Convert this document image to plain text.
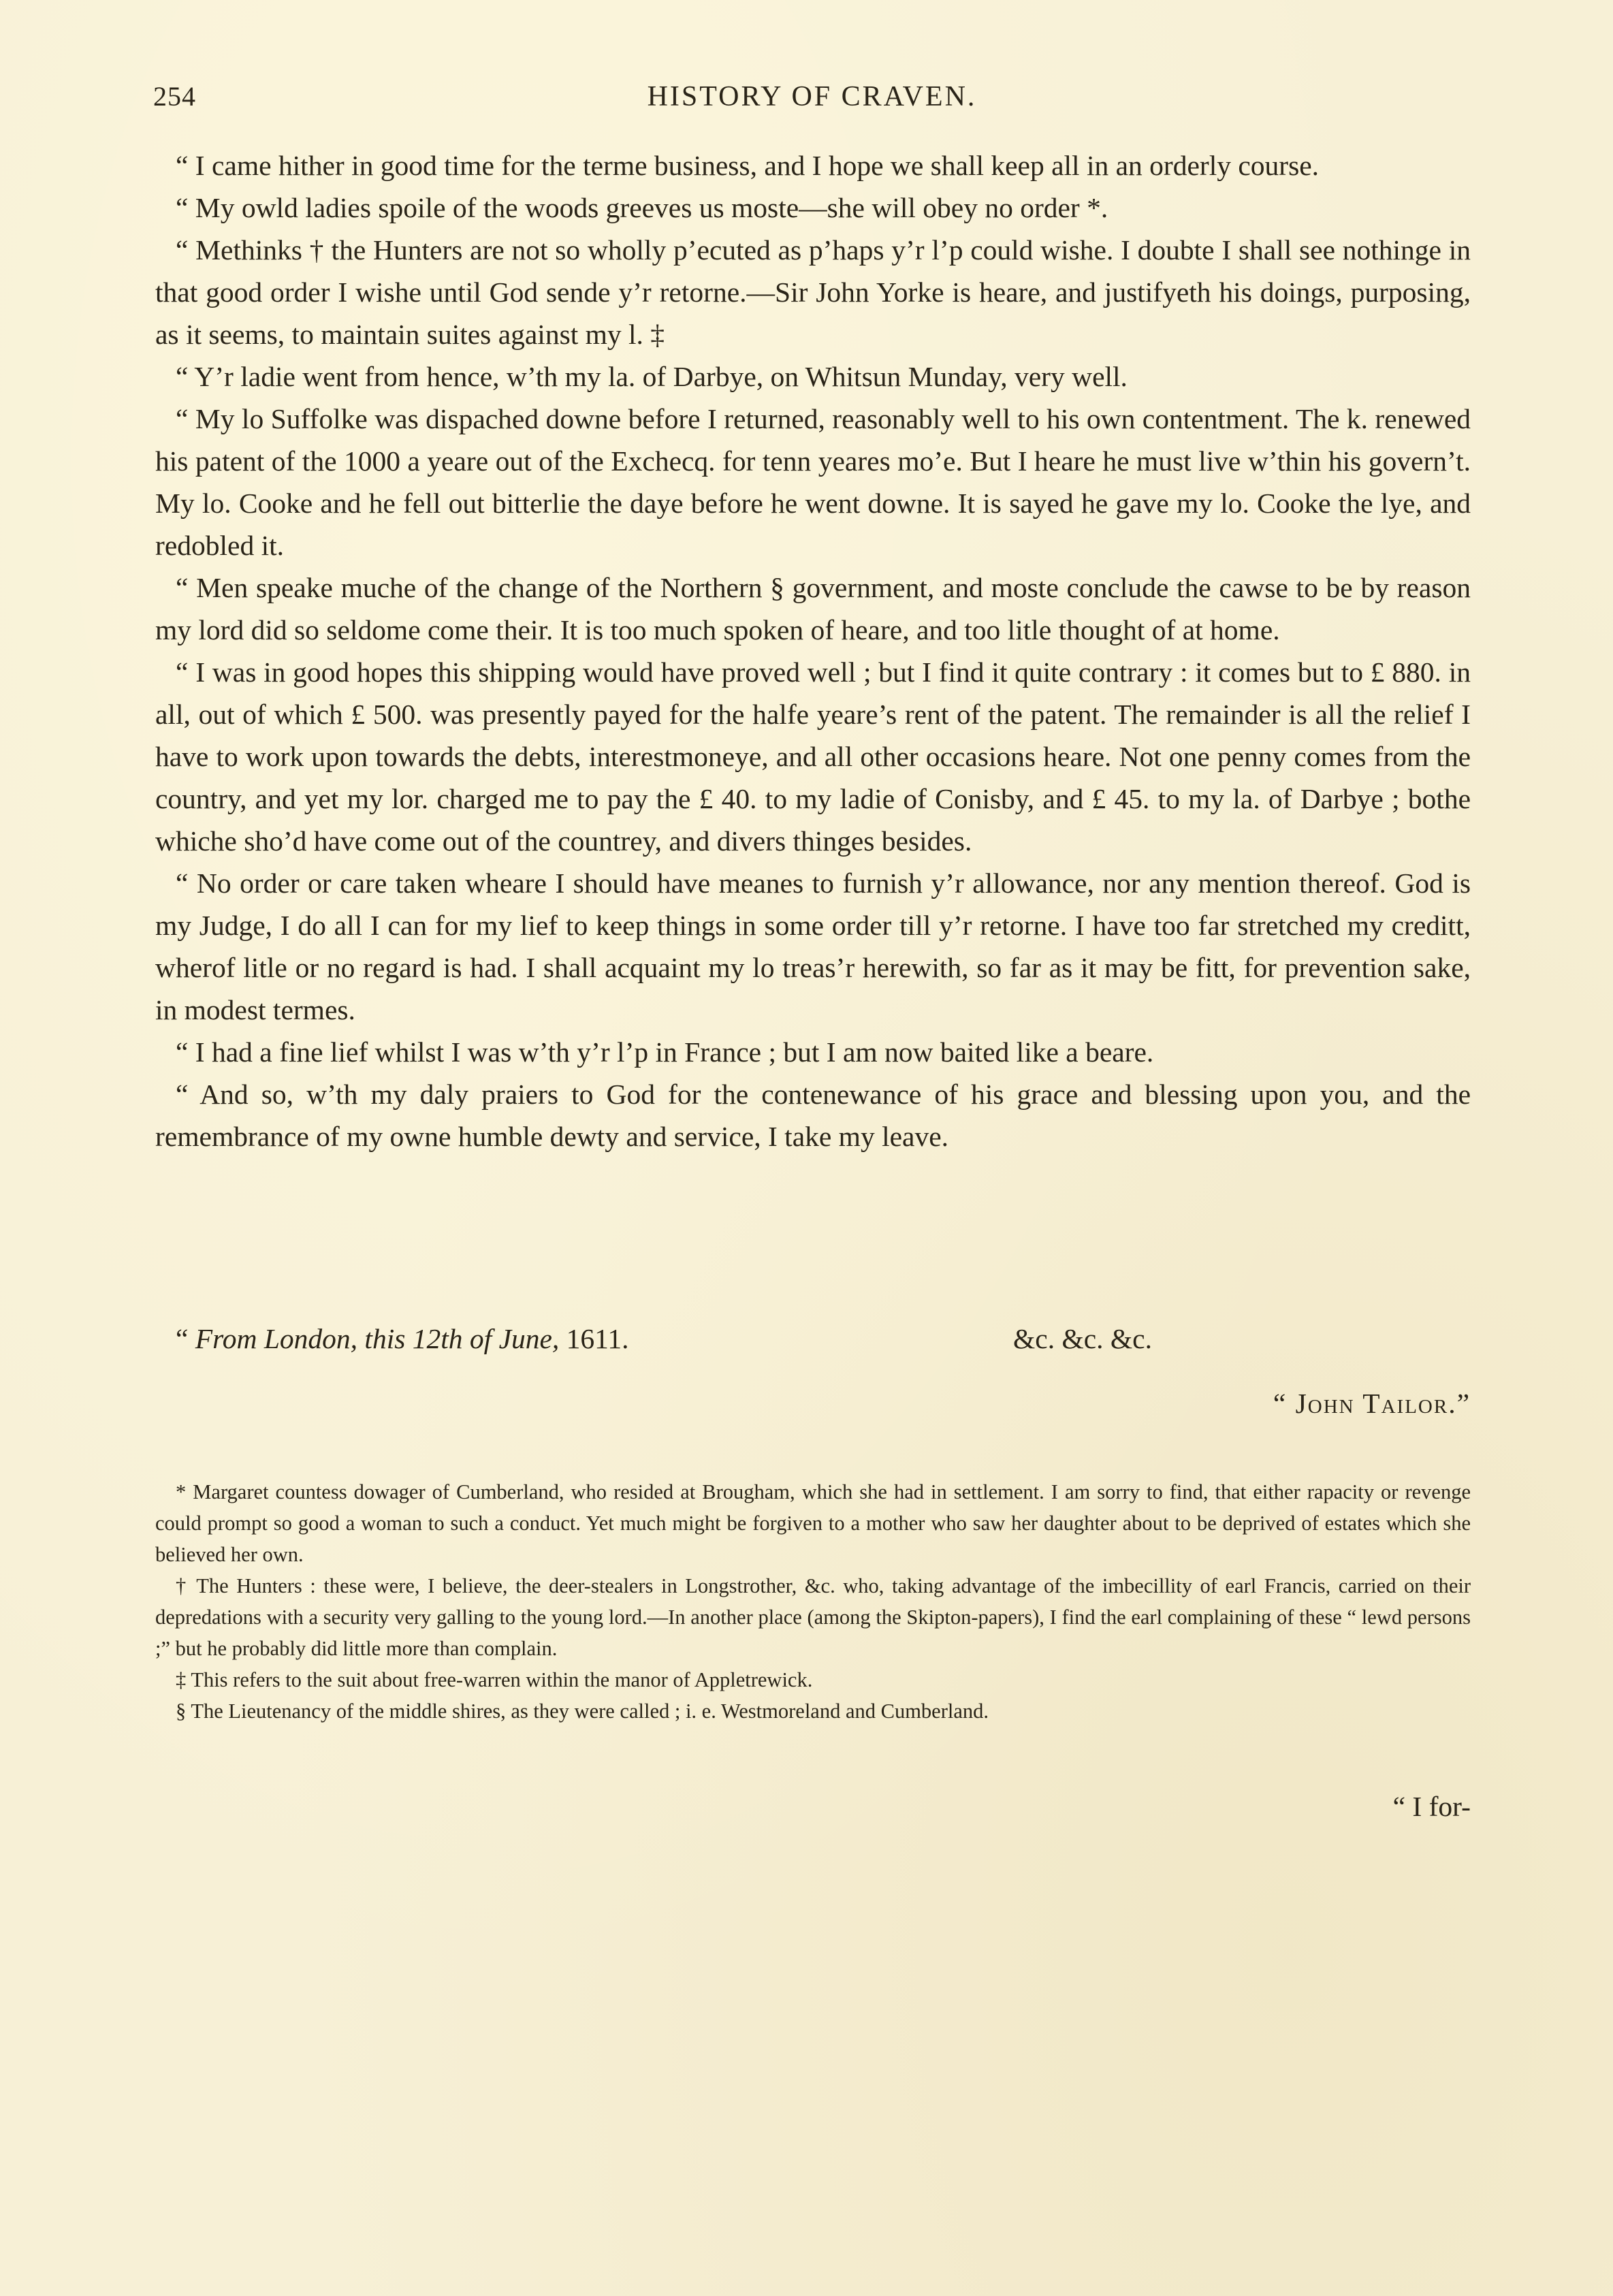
254	HISTORY OF CRAVEN.

“ I came hither in good time for the terme business, and I hope we shall keep all in an orderly course.

“ My owld ladies spoile of the woods greeves us moste—she will obey no order *.

“ Methinks † the Hunters are not so wholly p’ecuted as p’haps y’r l’p could wishe. I doubte I shall see nothinge in that good order I wishe until God sende y’r retorne.—Sir John Yorke is heare, and justifyeth his doings, purposing, as it seems, to maintain suites against my l. ‡

“ Y’r ladie went from hence, w’th my la. of Darbye, on Whitsun Munday, very well.

“ My lo Suffolke was dispached downe before I returned, reasonably well to his own contentment. The k. renewed his patent of the 1000 a yeare out of the Exchecq. for tenn yeares mo’e. But I heare he must live w’thin his govern’t. My lo. Cooke and he fell out bitterlie the daye before he went downe. It is sayed he gave my lo. Cooke the lye, and redobled it.

“ Men speake muche of the change of the Northern § government, and moste conclude the cawse to be by reason my lord did so seldome come their. It is too much spoken of heare, and too litle thought of at home.

“ I was in good hopes this shipping would have proved well ; but I find it quite contrary : it comes but to £ 880. in all, out of which £ 500. was presently payed for the halfe yeare’s rent of the patent. The remainder is all the relief I have to work upon towards the debts, interestmoneye, and all other occasions heare. Not one penny comes from the country, and yet my lor. charged me to pay the £ 40. to my ladie of Conisby, and £ 45. to my la. of Darbye ; bothe whiche sho’d have come out of the countrey, and divers thinges besides.

“ No order or care taken wheare I should have meanes to furnish y’r allowance, nor any mention thereof. God is my Judge, I do all I can for my lief to keep things in some order till y’r retorne. I have too far stretched my creditt, wherof litle or no regard is had. I shall acquaint my lo treas’r herewith, so far as it may be fitt, for prevention sake, in modest termes.

“ I had a fine lief whilst I was w’th y’r l’p in France ; but I am now baited like a beare.

“ And so, w’th my daly praiers to God for the contenewance of his grace and blessing upon you, and the remembrance of my owne humble dewty and service, I take my leave.

“ From London, this 12th of June, 1611.	&c. &c. &c.
“ John Tailor.”

* Margaret countess dowager of Cumberland, who resided at Brougham, which she had in settlement. I am sorry to find, that either rapacity or revenge could prompt so good a woman to such a conduct. Yet much might be forgiven to a mother who saw her daughter about to be deprived of estates which she believed her own.

† The Hunters : these were, I believe, the deer-stealers in Longstrother, &c. who, taking advantage of the imbecillity of earl Francis, carried on their depredations with a security very galling to the young lord.—In another place (among the Skipton-papers), I find the earl complaining of these “ lewd persons ;” but he probably did little more than complain.

‡ This refers to the suit about free-warren within the manor of Appletrewick.

§ The Lieutenancy of the middle shires, as they were called ; i. e. Westmoreland and Cumberland.

“ I for-
